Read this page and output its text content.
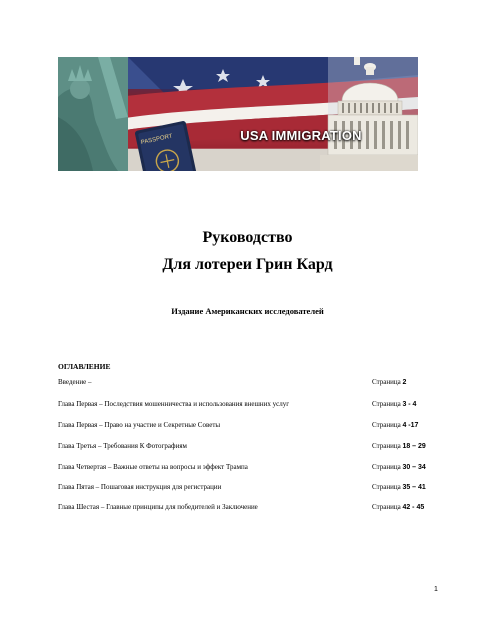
PASSPORT	USA IMMIGRATION
Руководство
Для лотереи Грин Кард
Издание Американских исследователей
ОГЛАВЛЕНИЕ
Введение –	Страница 2
Глава Первая – Последствия мошенничества и использования внешних услуг	Страница 3 - 4
Глава Первая – Право на участие и Секретные Советы	Страница 4 -17
Глава Третья – Требования К Фотографиям	Страница 18 – 29
Глава Четвертая – Важные ответы на вопросы и эффект Трампа	Страница 30 – 34
Глава Пятая – Пошаговая инструкция для регистрации	Страница 35 – 41
Глава Шестая – Главные принципы для победителей и Заключение	Страница 42 - 45
1
